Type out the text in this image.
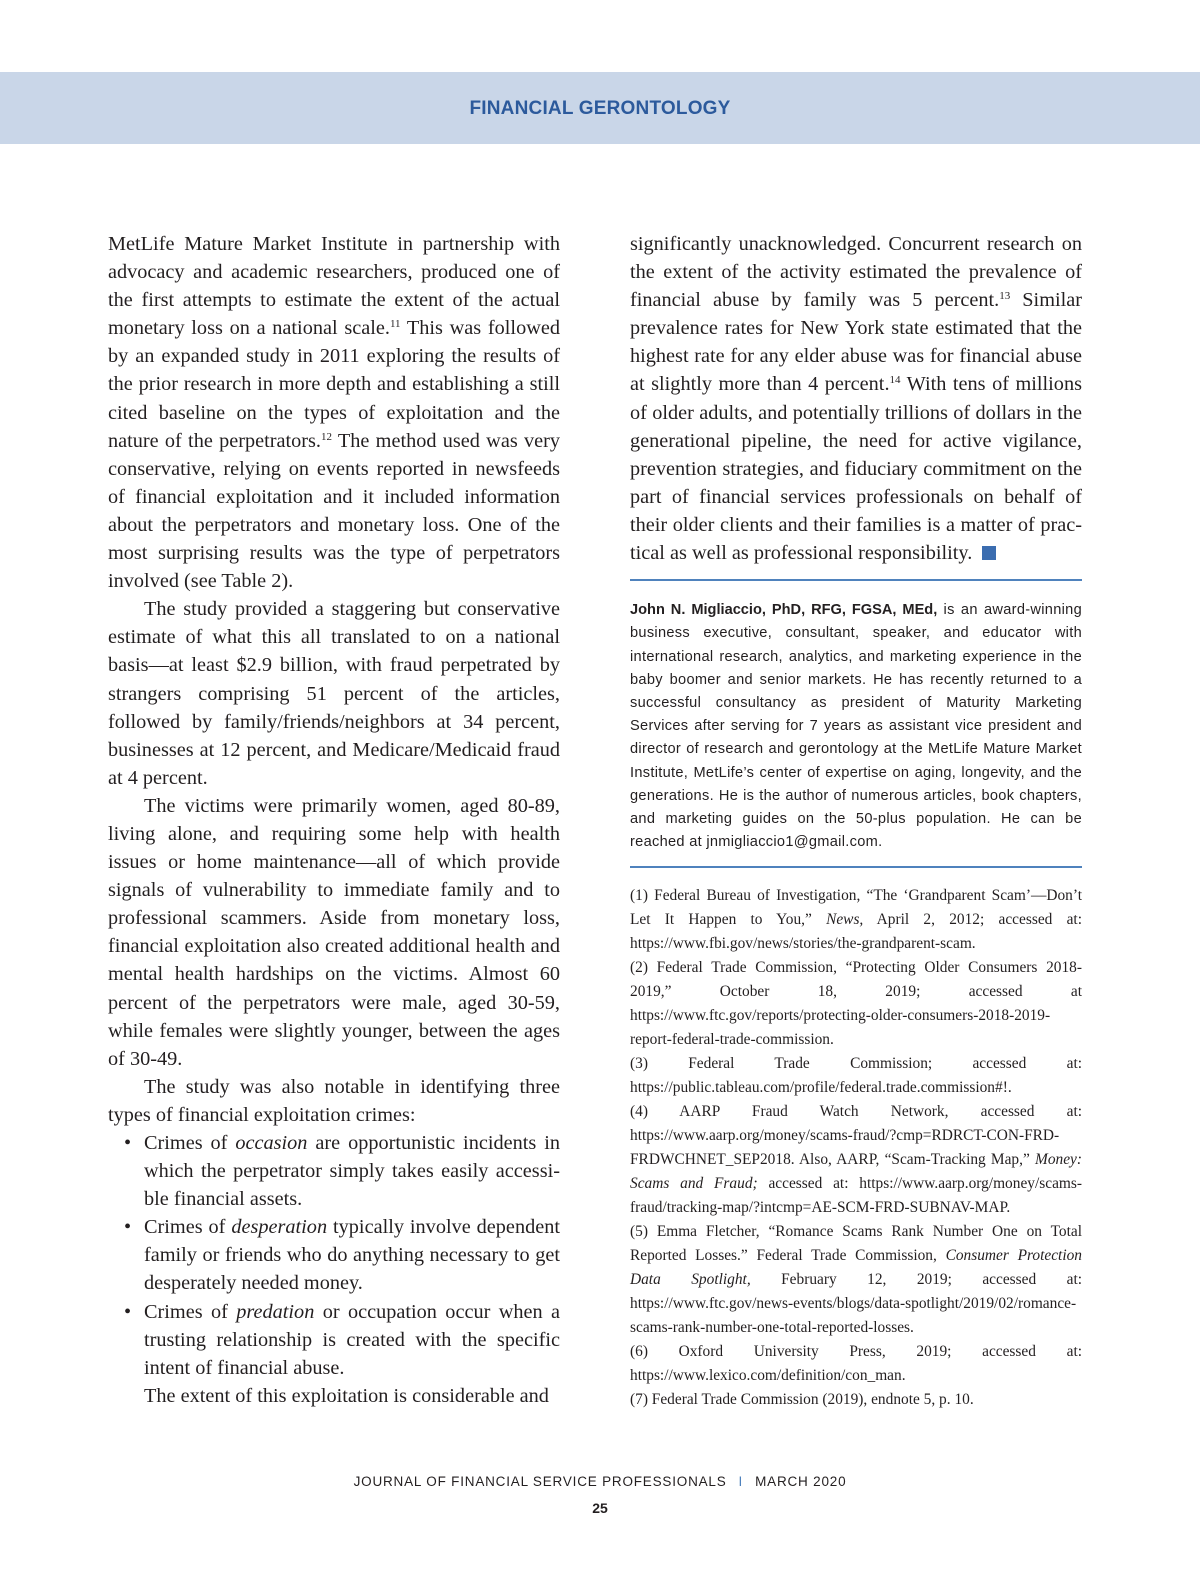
FINANCIAL GERONTOLOGY

MetLife Mature Market Institute in partnership with advocacy and academic researchers, produced one of the first attempts to estimate the extent of the actual monetary loss on a national scale.$^{11}$ This was followed by an expanded study in 2011 exploring the results of the prior research in more depth and establishing a still cited baseline on the types of exploitation and the nature of the perpetrators.$^{12}$ The method used was very conservative, relying on events reported in newsfeeds of financial exploitation and it included information about the perpetrators and monetary loss. One of the most surprising results was the type of perpetrators involved (see Table 2).

The study provided a staggering but conservative estimate of what this all translated to on a national basis—at least $2.9 billion, with fraud perpetrated by strangers comprising 51 percent of the articles, followed by family/friends/neighbors at 34 percent, businesses at 12 percent, and Medicare/Medicaid fraud at 4 percent.

The victims were primarily women, aged 80-89, living alone, and requiring some help with health issues or home maintenance—all of which provide signals of vulnerability to immediate family and to professional scammers. Aside from monetary loss, financial exploitation also created additional health and mental health hardships on the victims. Almost 60 percent of the perpetrators were male, aged 30-59, while females were slightly younger, between the ages of 30-49.

The study was also notable in identifying three types of financial exploitation crimes:

• Crimes of occasion are opportunistic incidents in which the perpetrator simply takes easily accessible financial assets.
• Crimes of desperation typically involve dependent family or friends who do anything necessary to get desperately needed money.
• Crimes of predation or occupation occur when a trusting relationship is created with the specific intent of financial abuse.

The extent of this exploitation is considerable and

significantly unacknowledged. Concurrent research on the extent of the activity estimated the prevalence of financial abuse by family was 5 percent.$^{13}$ Similar prevalence rates for New York state estimated that the highest rate for any elder abuse was for financial abuse at slightly more than 4 percent.$^{14}$ With tens of millions of older adults, and potentially trillions of dollars in the generational pipeline, the need for active vigilance, prevention strategies, and fiduciary commitment on the part of financial services professionals on behalf of their older clients and their families is a matter of practical as well as professional responsibility.

John N. Migliaccio, PhD, RFG, FGSA, MEd, is an award-winning business executive, consultant, speaker, and educator with international research, analytics, and marketing experience in the baby boomer and senior markets. He has recently returned to a successful consultancy as president of Maturity Marketing Services after serving for 7 years as assistant vice president and director of research and gerontology at the MetLife Mature Market Institute, MetLife’s center of expertise on aging, longevity, and the generations. He is the author of numerous articles, book chapters, and marketing guides on the 50-plus population. He can be reached at jnmigliaccio1@gmail.com.

(1) Federal Bureau of Investigation, “The ‘Grandparent Scam’—Don’t Let It Happen to You,” News, April 2, 2012; accessed at: https://www.fbi.gov/news/stories/the-grandparent-scam.

(2) Federal Trade Commission, “Protecting Older Consumers 2018-2019,” October 18, 2019; accessed at https://www.ftc.gov/reports/protecting-older-consumers-2018-2019-report-federal-trade-commission.

(3) Federal Trade Commission; accessed at: https://public.tableau.com/profile/federal.trade.commission#!.

(4) AARP Fraud Watch Network, accessed at: https://www.aarp.org/money/scams-fraud/?cmp=RDRCT-CON-FRD-FRDWCHNET_SEP2018. Also, AARP, “Scam-Tracking Map,” Money: Scams and Fraud; accessed at: https://www.aarp.org/money/scams-fraud/tracking-map/?intcmp=AE-SCM-FRD-SUBNAV-MAP.

(5) Emma Fletcher, “Romance Scams Rank Number One on Total Reported Losses.” Federal Trade Commission, Consumer Protection Data Spotlight, February 12, 2019; accessed at: https://www.ftc.gov/news-events/blogs/data-spotlight/2019/02/romance-scams-rank-number-one-total-reported-losses.

(6) Oxford University Press, 2019; accessed at: https://www.lexico.com/definition/con_man.

(7) Federal Trade Commission (2019), endnote 5, p. 10.

JOURNAL OF FINANCIAL SERVICE PROFESSIONALS I MARCH 2020
25
